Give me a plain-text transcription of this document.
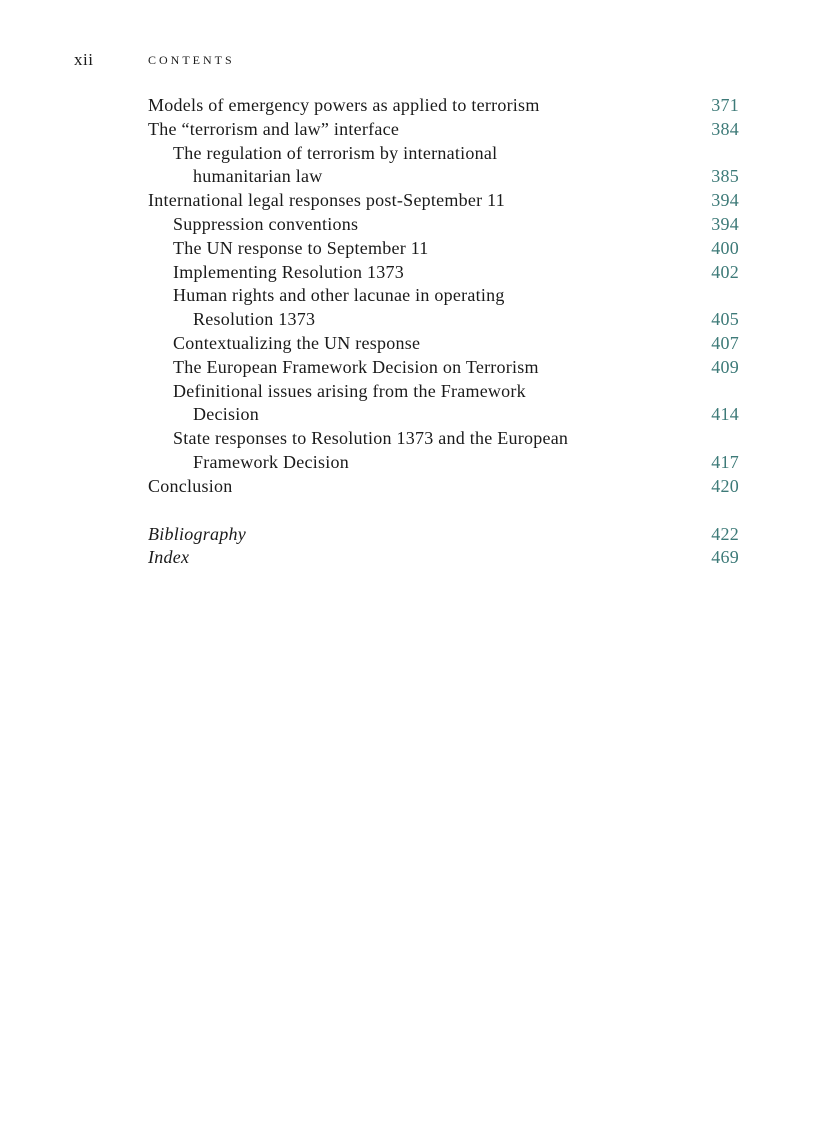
xii	CONTENTS
Models of emergency powers as applied to terrorism	371
The “terrorism and law” interface	384
The regulation of terrorism by international
humanitarian law	385
International legal responses post-September 11	394
Suppression conventions	394
The UN response to September 11	400
Implementing Resolution 1373	402
Human rights and other lacunae in operating
Resolution 1373	405
Contextualizing the UN response	407
The European Framework Decision on Terrorism	409
Definitional issues arising from the Framework
Decision	414
State responses to Resolution 1373 and the European
Framework Decision	417
Conclusion	420
Bibliography	422
Index	469
